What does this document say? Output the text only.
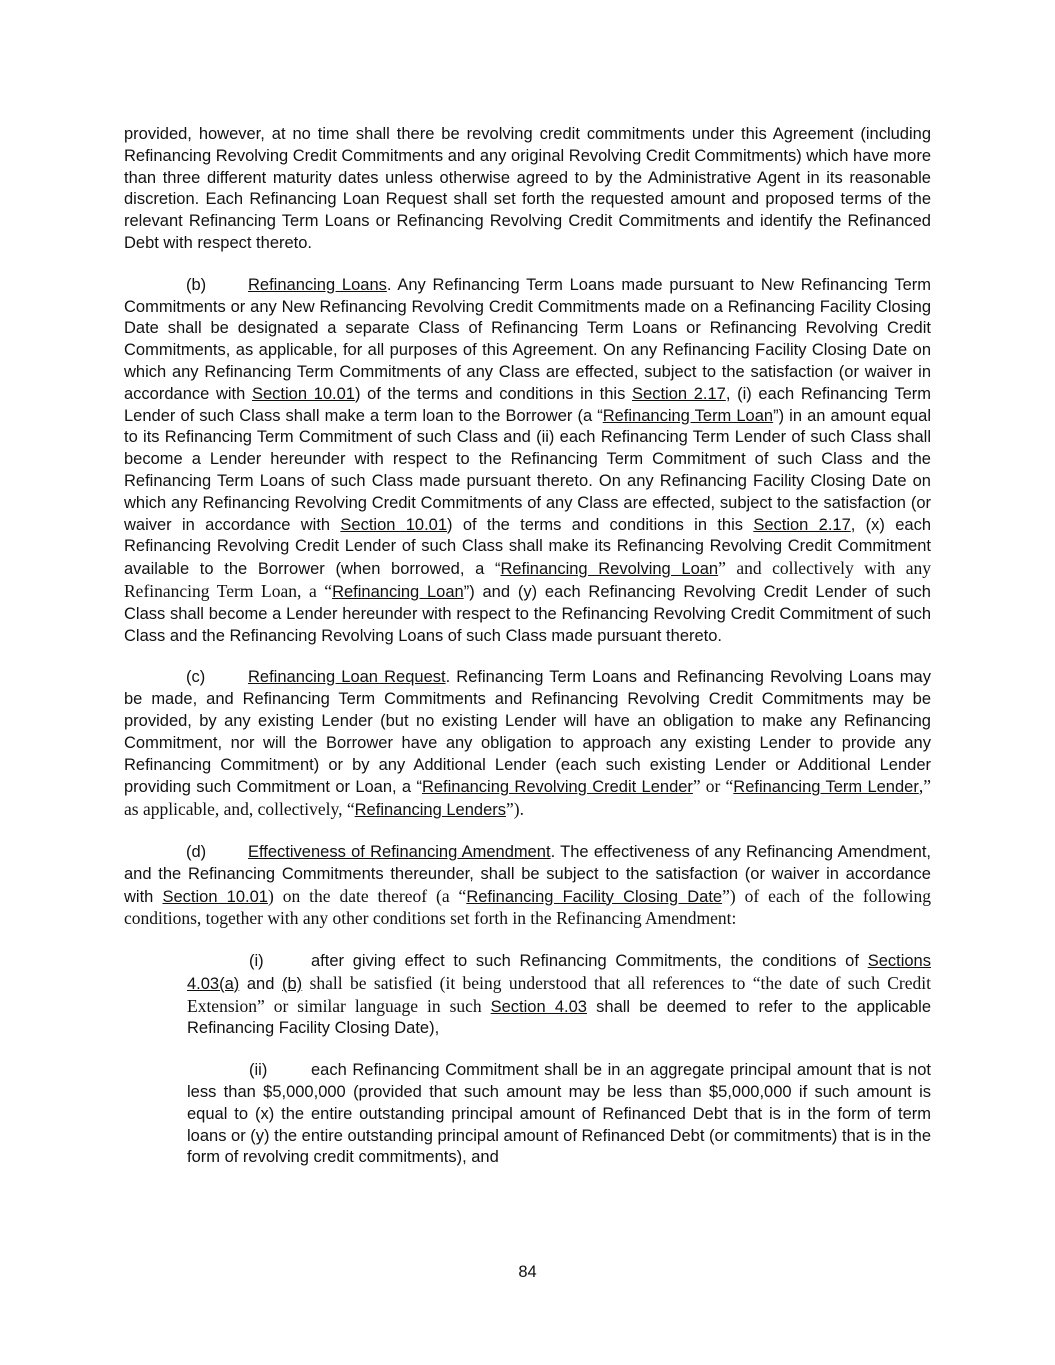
provided, however, at no time shall there be revolving credit commitments under this Agreement (including Refinancing Revolving Credit Commitments and any original Revolving Credit Commitments) which have more than three different maturity dates unless otherwise agreed to by the Administrative Agent in its reasonable discretion. Each Refinancing Loan Request shall set forth the requested amount and proposed terms of the relevant Refinancing Term Loans or Refinancing Revolving Credit Commitments and identify the Refinanced Debt with respect thereto.

(b)	Refinancing Loans. Any Refinancing Term Loans made pursuant to New Refinancing Term Commitments or any New Refinancing Revolving Credit Commitments made on a Refinancing Facility Closing Date shall be designated a separate Class of Refinancing Term Loans or Refinancing Revolving Credit Commitments, as applicable, for all purposes of this Agreement. On any Refinancing Facility Closing Date on which any Refinancing Term Commitments of any Class are effected, subject to the satisfaction (or waiver in accordance with Section 10.01) of the terms and conditions in this Section 2.17, (i) each Refinancing Term Lender of such Class shall make a term loan to the Borrower (a “Refinancing Term Loan”) in an amount equal to its Refinancing Term Commitment of such Class and (ii) each Refinancing Term Lender of such Class shall become a Lender hereunder with respect to the Refinancing Term Commitment of such Class and the Refinancing Term Loans of such Class made pursuant thereto. On any Refinancing Facility Closing Date on which any Refinancing Revolving Credit Commitments of any Class are effected, subject to the satisfaction (or waiver in accordance with Section 10.01) of the terms and conditions in this Section 2.17, (x) each Refinancing Revolving Credit Lender of such Class shall make its Refinancing Revolving Credit Commitment available to the Borrower (when borrowed, a “Refinancing Revolving Loan” and collectively with any Refinancing Term Loan, a “Refinancing Loan”) and (y) each Refinancing Revolving Credit Lender of such Class shall become a Lender hereunder with respect to the Refinancing Revolving Credit Commitment of such Class and the Refinancing Revolving Loans of such Class made pursuant thereto.

(c)	Refinancing Loan Request. Refinancing Term Loans and Refinancing Revolving Loans may be made, and Refinancing Term Commitments and Refinancing Revolving Credit Commitments may be provided, by any existing Lender (but no existing Lender will have an obligation to make any Refinancing Commitment, nor will the Borrower have any obligation to approach any existing Lender to provide any Refinancing Commitment) or by any Additional Lender (each such existing Lender or Additional Lender providing such Commitment or Loan, a “Refinancing Revolving Credit Lender” or “Refinancing Term Lender,” as applicable, and, collectively, “Refinancing Lenders”).

(d)	Effectiveness of Refinancing Amendment. The effectiveness of any Refinancing Amendment, and the Refinancing Commitments thereunder, shall be subject to the satisfaction (or waiver in accordance with Section 10.01) on the date thereof (a “Refinancing Facility Closing Date”) of each of the following conditions, together with any other conditions set forth in the Refinancing Amendment:

(i)	after giving effect to such Refinancing Commitments, the conditions of Sections 4.03(a) and (b) shall be satisfied (it being understood that all references to “the date of such Credit Extension” or similar language in such Section 4.03 shall be deemed to refer to the applicable Refinancing Facility Closing Date),

(ii)	each Refinancing Commitment shall be in an aggregate principal amount that is not less than $5,000,000 (provided that such amount may be less than $5,000,000 if such amount is equal to (x) the entire outstanding principal amount of Refinanced Debt that is in the form of term loans or (y) the entire outstanding principal amount of Refinanced Debt (or commitments) that is in the form of revolving credit commitments), and

84
